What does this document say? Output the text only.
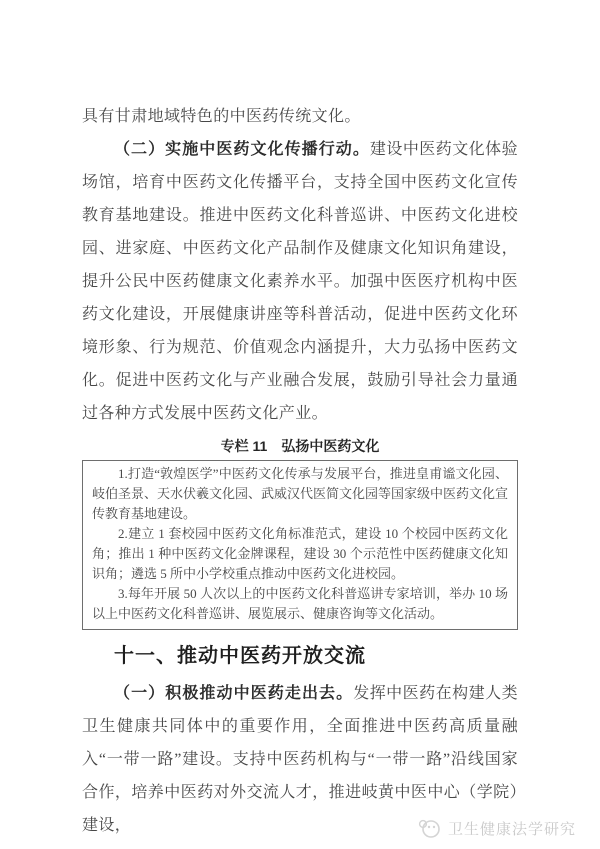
具有甘肃地域特色的中医药传统文化。

（二）实施中医药文化传播行动。建设中医药文化体验场馆，培育中医药文化传播平台，支持全国中医药文化宣传教育基地建设。推进中医药文化科普巡讲、中医药文化进校园、进家庭、中医药文化产品制作及健康文化知识角建设，提升公民中医药健康文化素养水平。加强中医医疗机构中医药文化建设，开展健康讲座等科普活动，促进中医药文化环境形象、行为规范、价值观念内涵提升，大力弘扬中医药文化。促进中医药文化与产业融合发展，鼓励引导社会力量通过各种方式发展中医药文化产业。

专栏 11　弘扬中医药文化

1.打造“敦煌医学”中医药文化传承与发展平台，推进皇甫谧文化园、岐伯圣景、天水伏羲文化园、武威汉代医简文化园等国家级中医药文化宣传教育基地建设。

2.建立 1 套校园中医药文化角标准范式，建设 10 个校园中医药文化角；推出 1 种中医药文化金牌课程，建设 30 个示范性中医药健康文化知识角；遴选 5 所中小学校重点推动中医药文化进校园。

3.每年开展 50 人次以上的中医药文化科普巡讲专家培训，举办 10 场以上中医药文化科普巡讲、展览展示、健康咨询等文化活动。

十一、推动中医药开放交流

（一）积极推动中医药走出去。发挥中医药在构建人类卫生健康共同体中的重要作用，全面推进中医药高质量融入“一带一路”建设。支持中医药机构与“一带一路”沿线国家合作，培养中医药对外交流人才，推进岐黄中医中心（学院）建设，	卫生健康法学研究
